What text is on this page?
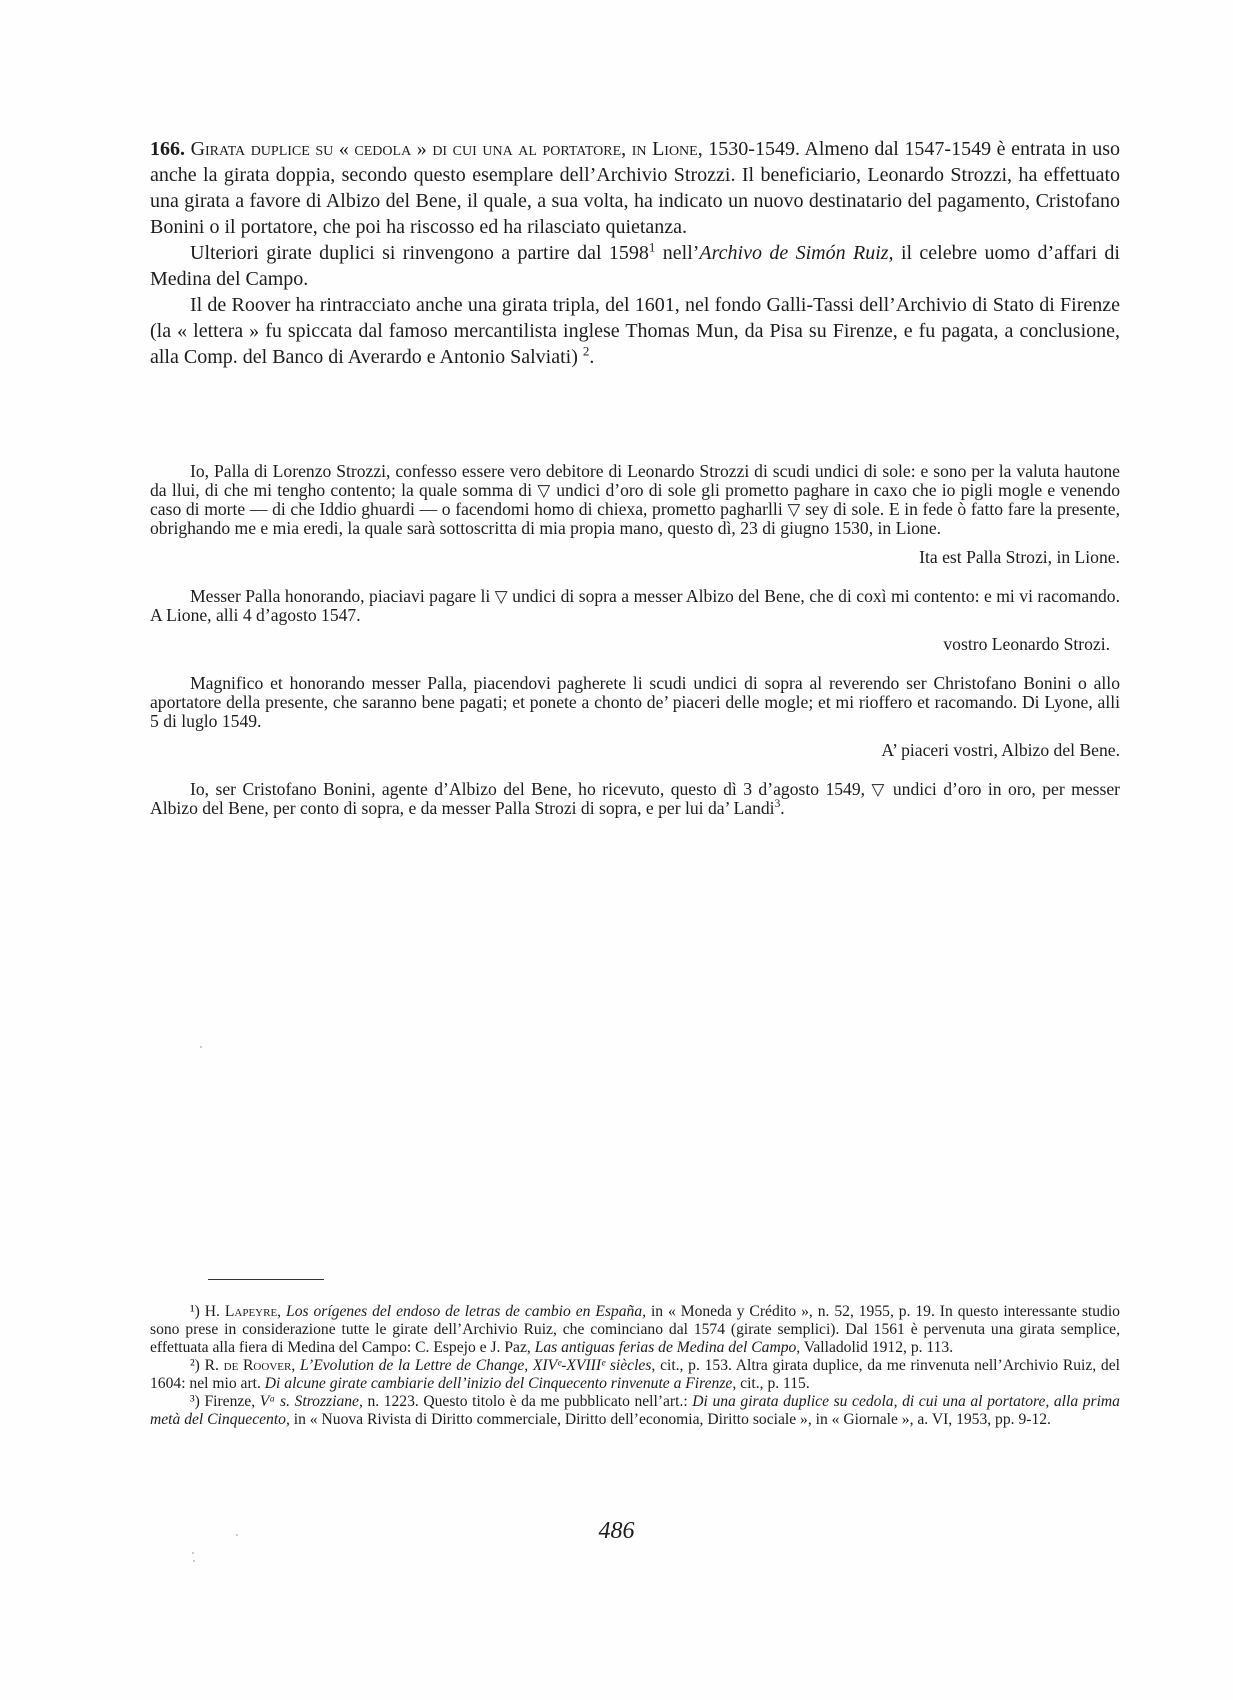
166. Girata duplice su « cedola » di cui una al portatore, in Lione, 1530-1549. Almeno dal 1547-1549 è entrata in uso anche la girata doppia, secondo questo esemplare dell’Archivio Strozzi. Il beneficiario, Leonardo Strozzi, ha effettuato una girata a favore di Albizo del Bene, il quale, a sua volta, ha indicato un nuovo destinatario del pagamento, Cristofano Bonini o il portatore, che poi ha riscosso ed ha rilasciato quietanza.

Ulteriori girate duplici si rinvengono a partire dal 1598$^1$ nell’Archivo de Simón Ruiz, il celebre uomo d’affari di Medina del Campo.

Il de Roover ha rintracciato anche una girata tripla, del 1601, nel fondo Galli-Tassi dell’Archivio di Stato di Firenze (la « lettera » fu spiccata dal famoso mercantilista inglese Thomas Mun, da Pisa su Firenze, e fu pagata, a conclusione, alla Comp. del Banco di Averardo e Antonio Salviati) $^2$.

Io, Palla di Lorenzo Strozzi, confesso essere vero debitore di Leonardo Strozzi di scudi undici di sole: e sono per la valuta hautone da llui, di che mi tengho contento; la quale somma di ▽ undici d’oro di sole gli prometto paghare in caxo che io pigli mogle e venendo caso di morte — di che Iddio ghuardi — o facendomi homo di chiexa, prometto pagharlli ▽ sey di sole. E in fede ò fatto fare la presente, obrighando me e mia eredi, la quale sarà sottoscritta di mia propia mano, questo dì, 23 di giugno 1530, in Lione.

Ita est Palla Strozi, in Lione.

Messer Palla honorando, piaciavi pagare li ▽ undici di sopra a messer Albizo del Bene, che di coxì mi contento: e mi vi racomando. A Lione, alli 4 d’agosto 1547.

vostro Leonardo Strozi.

Magnifico et honorando messer Palla, piacendovi pagherete li scudi undici di sopra al reverendo ser Christofano Bonini o allo aportatore della presente, che saranno bene pagati; et ponete a chonto de’ piaceri delle mogle; et mi rioffero et racomando. Di Lyone, alli 5 di luglo 1549.

A’ piaceri vostri, Albizo del Bene.

Io, ser Cristofano Bonini, agente d’Albizo del Bene, ho ricevuto, questo dì 3 d’agosto 1549, ▽ undici d’oro in oro, per messer Albizo del Bene, per conto di sopra, e da messer Palla Strozi di sopra, e per lui da’ Landi$^3$.

¹) H. Lapeyre, Los orígenes del endoso de letras de cambio en España, in « Moneda y Crédito », n. 52, 1955, p. 19. In questo interessante studio sono prese in considerazione tutte le girate dell’Archivio Ruiz, che cominciano dal 1574 (girate semplici). Dal 1561 è pervenuta una girata semplice, effettuata alla fiera di Medina del Campo: C. Espejo e J. Paz, Las antiguas ferias de Medina del Campo, Valladolid 1912, p. 113.

²) R. de Roover, L’Evolution de la Lettre de Change, XIVᵉ-XVIIIᵉ siècles, cit., p. 153. Altra girata duplice, da me rinvenuta nell’Archivio Ruiz, del 1604: nel mio art. Di alcune girate cambiarie dell’inizio del Cinquecento rinvenute a Firenze, cit., p. 115.

³) Firenze, Vᵃ s. Strozziane, n. 1223. Questo titolo è da me pubblicato nell’art.: Di una girata duplice su cedola, di cui una al portatore, alla prima metà del Cinquecento, in « Nuova Rivista di Diritto commerciale, Diritto dell’economia, Diritto sociale », in « Giornale », a. VI, 1953, pp. 9-12.

486
